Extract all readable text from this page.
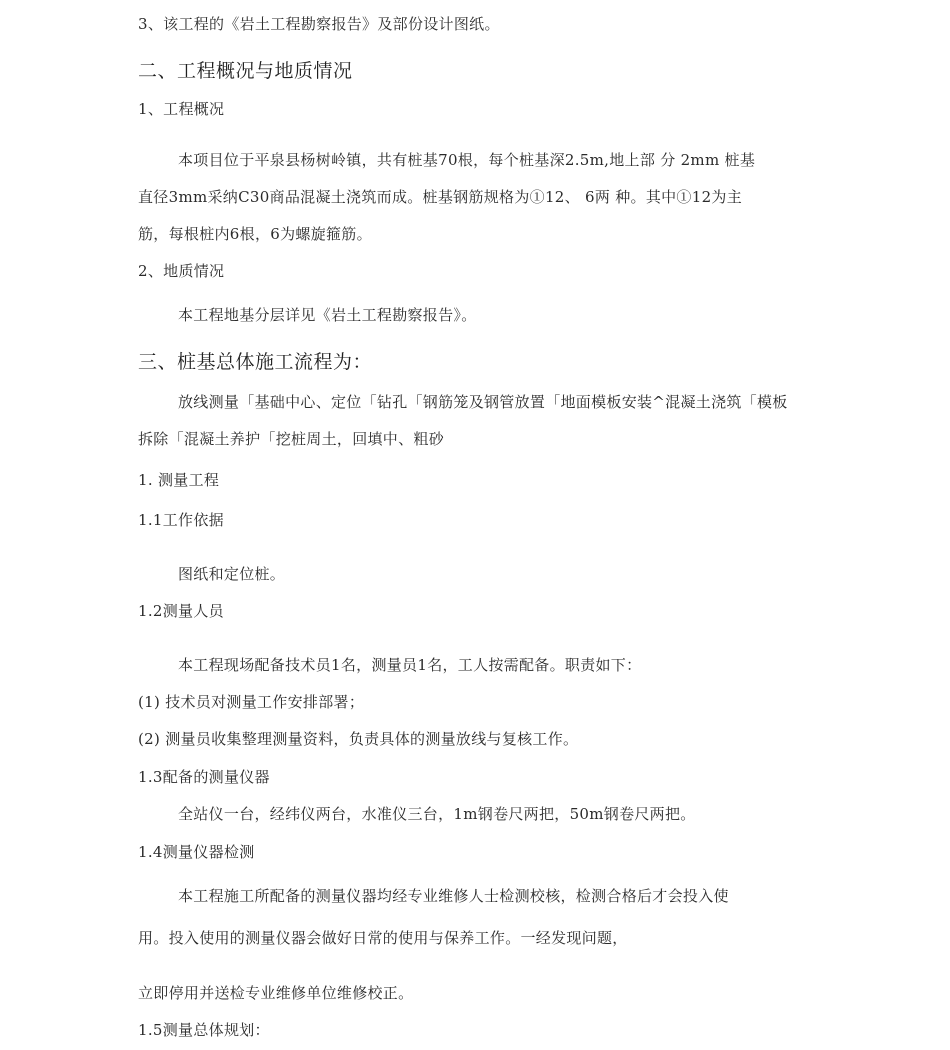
3、该工程的《岩土工程勘察报告》及部份设计图纸。
二、工程概况与地质情况
1、工程概况
本项目位于平泉县杨树岭镇，共有桩基70根，每个桩基深2.5m,地上部 分 2mm 桩基
直径3mm采纳C30商品混凝土浇筑而成。桩基钢筋规格为①12、 6两 种。其中①12为主
筋，每根桩内6根，6为螺旋箍筋。
2、地质情况
本工程地基分层详见《岩土工程勘察报告》。
三、桩基总体施工流程为：
放线测量「基础中心、定位「钻孔「钢筋笼及钢管放置「地面模板安装^混凝土浇筑「模板
拆除「混凝土养护「挖桩周土，回填中、粗砂
1. 测量工程
1.1工作依据
图纸和定位桩。
1.2测量人员
本工程现场配备技术员1名，测量员1名，工人按需配备。职责如下：
(1) 技术员对测量工作安排部署；
(2) 测量员收集整理测量资料，负责具体的测量放线与复核工作。
1.3配备的测量仪器
全站仪一台，经纬仪两台，水准仪三台，1m钢卷尺两把，50m钢卷尺两把。
1.4测量仪器检测
本工程施工所配备的测量仪器均经专业维修人士检测校核，检测合格后才会投入使
用。投入使用的测量仪器会做好日常的使用与保养工作。一经发现问题，
立即停用并送检专业维修单位维修校正。
1.5测量总体规划：
